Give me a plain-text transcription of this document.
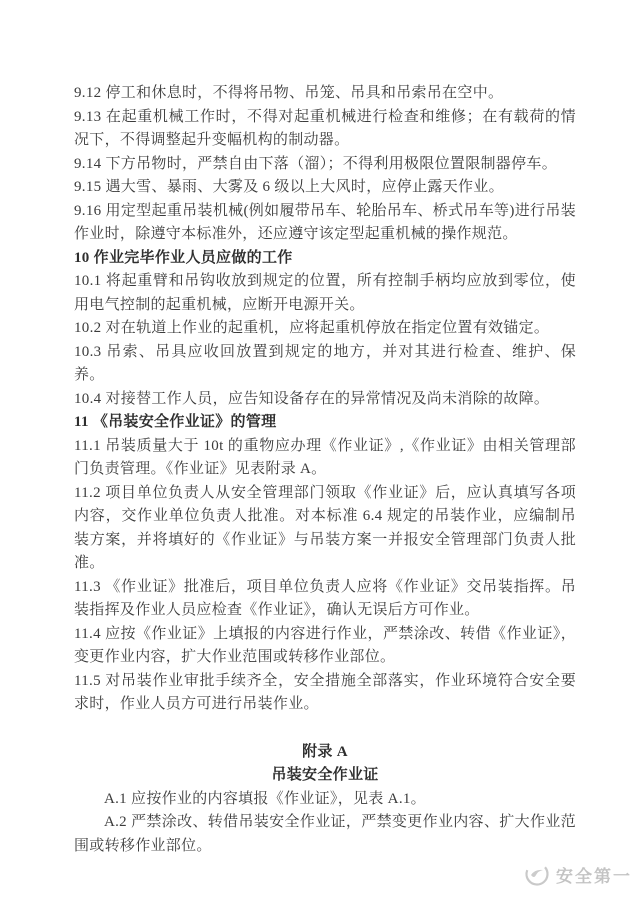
9.12 停工和休息时，不得将吊物、吊笼、吊具和吊索吊在空中。

9.13 在起重机械工作时，不得对起重机械进行检查和维修；在有载荷的情况下，不得调整起升变幅机构的制动器。

9.14 下方吊物时，严禁自由下落（溜）；不得利用极限位置限制器停车。

9.15 遇大雪、暴雨、大雾及 6 级以上大风时，应停止露天作业。

9.16 用定型起重吊装机械(例如履带吊车、轮胎吊车、桥式吊车等)进行吊装作业时，除遵守本标准外，还应遵守该定型起重机械的操作规范。

10 作业完毕作业人员应做的工作

10.1 将起重臂和吊钩收放到规定的位置，所有控制手柄均应放到零位，使用电气控制的起重机械，应断开电源开关。

10.2 对在轨道上作业的起重机，应将起重机停放在指定位置有效锚定。

10.3 吊索、吊具应收回放置到规定的地方，并对其进行检查、维护、保养。

10.4 对接替工作人员，应告知设备存在的异常情况及尚未消除的故障。

11 《吊装安全作业证》的管理

11.1 吊装质量大于 10t 的重物应办理《作业证》,《作业证》由相关管理部门负责管理。《作业证》见表附录 A。

11.2 项目单位负责人从安全管理部门领取《作业证》后，应认真填写各项内容，交作业单位负责人批准。对本标准 6.4 规定的吊装作业，应编制吊装方案，并将填好的《作业证》与吊装方案一并报安全管理部门负责人批准。

11.3 《作业证》批准后，项目单位负责人应将《作业证》交吊装指挥。吊装指挥及作业人员应检查《作业证》，确认无误后方可作业。

11.4 应按《作业证》上填报的内容进行作业，严禁涂改、转借《作业证》，变更作业内容，扩大作业范围或转移作业部位。

11.5 对吊装作业审批手续齐全，安全措施全部落实，作业环境符合安全要求时，作业人员方可进行吊装作业。

附录 A

吊装安全作业证

A.1 应按作业的内容填报《作业证》，见表 A.1。

A.2 严禁涂改、转借吊装安全作业证，严禁变更作业内容、扩大作业范围或转移作业部位。

安全第一
